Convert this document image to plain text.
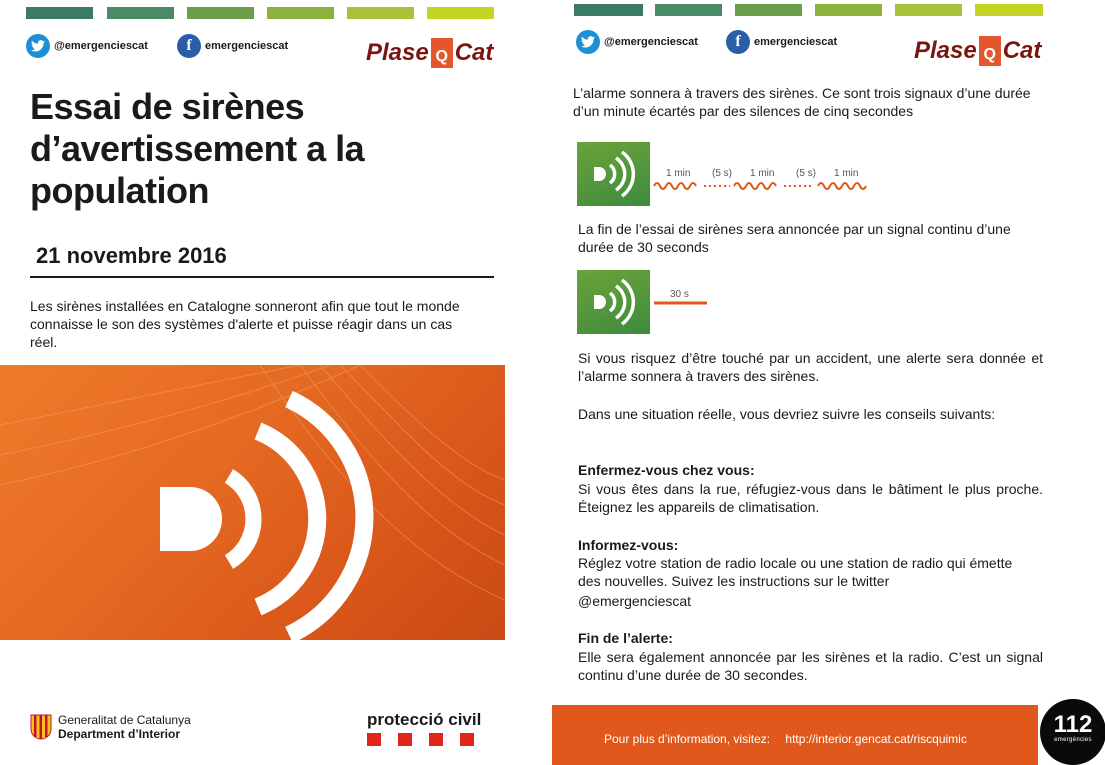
@emergenciescat	f	emergenciescat	Plase Q Cat	@emergenciescat	f	emergenciescat	Plase Q Cat
Essai de sirènes d’avertissement a la population
21 novembre 2016
Les sirènes installées en Catalogne sonneront afin que tout le monde connaisse le son des systèmes d'alerte et puisse réagir dans un cas réel.
Generalitat de Catalunya
Department d’Interior
protecció civil
L’alarme sonnera à travers des sirènes. Ce sont trois signaux d’une durée d’un minute écartés par des silences de cinq secondes
1 min (5 s) 1 min (5 s) 1 min
La fin de l’essai de sirènes sera annoncée par un signal continu d’une durée de 30 seconds
30 s
Si vous risquez d’être touché par un accident, une alerte sera donnée et l’alarme sonnera à travers des sirènes.
Dans une situation réelle, vous devriez suivre les conseils suivants:
Enfermez-vous chez vous:
Si vous êtes dans la rue, réfugiez-vous dans le bâtiment le plus proche. Éteignez les appareils de climatisation.
Informez-vous:
Réglez votre station de radio locale ou une station de radio qui émette des nouvelles. Suivez les instructions sur le twitter
@emergenciescat
Fin de l’alerte:
Elle sera également annoncée par les sirènes et la radio. C’est un signal continu d’une durée de 30 secondes.
Pour plus d’information, visitez: http://interior.gencat.cat/riscquimic
112
emergències
